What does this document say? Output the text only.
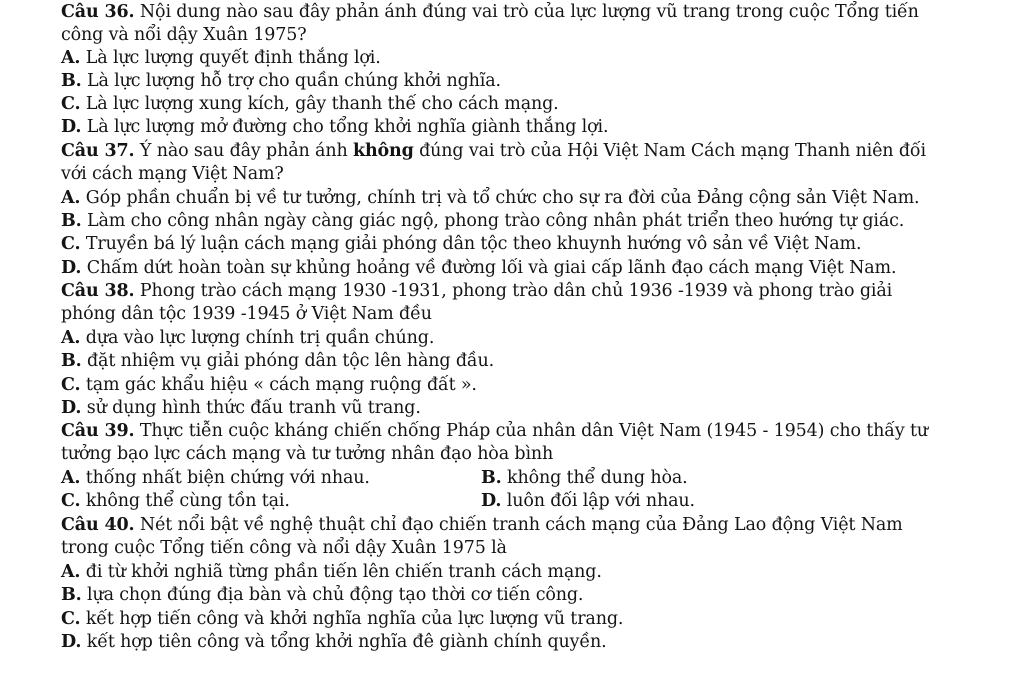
Câu 36. Nội dung nào sau đây phản ánh đúng vai trò của lực lượng vũ trang trong cuộc Tổng tiến
công và nổi dậy Xuân 1975?
A. Là lực lượng quyết định thắng lợi.
B. Là lực lượng hỗ trợ cho quần chúng khởi nghĩa.
C. Là lực lượng xung kích, gây thanh thế cho cách mạng.
D. Là lực lượng mở đường cho tổng khởi nghĩa giành thắng lợi.
Câu 37. Ý nào sau đây phản ánh không đúng vai trò của Hội Việt Nam Cách mạng Thanh niên đối
với cách mạng Việt Nam?
A. Góp phần chuẩn bị về tư tưởng, chính trị và tổ chức cho sự ra đời của Đảng cộng sản Việt Nam.
B. Làm cho công nhân ngày càng giác ngộ, phong trào công nhân phát triển theo hướng tự giác.
C. Truyền bá lý luận cách mạng giải phóng dân tộc theo khuynh hướng vô sản về Việt Nam.
D. Chấm dứt hoàn toàn sự khủng hoảng về đường lối và giai cấp lãnh đạo cách mạng Việt Nam.
Câu 38. Phong trào cách mạng 1930 -1931, phong trào dân chủ 1936 -1939 và phong trào giải
phóng dân tộc 1939 -1945 ở Việt Nam đều
A. dựa vào lực lượng chính trị quần chúng.
B. đặt nhiệm vụ giải phóng dân tộc lên hàng đầu.
C. tạm gác khẩu hiệu « cách mạng ruộng đất ».
D. sử dụng hình thức đấu tranh vũ trang.
Câu 39. Thực tiễn cuộc kháng chiến chống Pháp của nhân dân Việt Nam (1945 - 1954) cho thấy tư
tưởng bạo lực cách mạng và tư tưởng nhân đạo hòa bình
A. thống nhất biện chứng với nhau.	B. không thể dung hòa.
C. không thể cùng tồn tại.	D. luôn đối lập với nhau.
Câu 40. Nét nổi bật về nghệ thuật chỉ đạo chiến tranh cách mạng của Đảng Lao động Việt Nam
trong cuộc Tổng tiến công và nổi dậy Xuân 1975 là
A. đi từ khởi nghiã từng phần tiến lên chiến tranh cách mạng.
B. lựa chọn đúng địa bàn và chủ động tạo thời cơ tiến công.
C. kết hợp tiến công và khởi nghĩa nghĩa của lực lượng vũ trang.
D. kết hợp tiên công và tổng khởi nghĩa đê giành chính quyền.
